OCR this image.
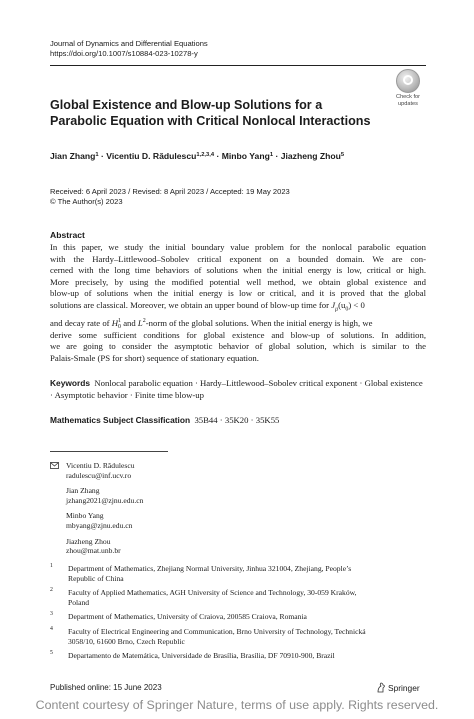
Journal of Dynamics and Differential Equations
https://doi.org/10.1007/s10884-023-10278-y
Check for
updates
Global Existence and Blow-up Solutions for a Parabolic Equation with Critical Nonlocal Interactions
Jian Zhang$^1$ · Vicentiu D. Rădulescu$^{1,2,3,4}$ · Minbo Yang$^1$ · Jiazheng Zhou$^5$
Received: 6 April 2023 / Revised: 8 April 2023 / Accepted: 19 May 2023
© The Author(s) 2023
Abstract
In this paper, we study the initial boundary value problem for the nonlocal parabolic equation
with the Hardy–Littlewood–Sobolev critical exponent on a bounded domain. We are con-
cerned with the long time behaviors of solutions when the initial energy is low, critical or high.
More precisely, by using the modified potential well method, we obtain global existence and
blow-up of solutions when the initial energy is low or critical, and it is proved that the global
solutions are classical. Moreover, we obtain an upper bound of blow-up time for $J_\mu(u_0) < 0$
and decay rate of H 1
0 and $L^2$-norm of the global solutions. When the initial energy is high, we
derive some sufficient conditions for global existence and blow-up of solutions. In addition,
we are going to consider the asymptotic behavior of global solution, which is similar to the
Palais-Smale (PS for short) sequence of stationary equation.
Keywords Nonlocal parabolic equation · Hardy–Littlewood–Sobolev critical exponent · Global existence · Asymptotic behavior · Finite time blow-up
Mathematics Subject Classification 35B44 · 35K20 · 35K55
Vicentiu D. Rădulescu
radulescu@inf.ucv.ro
Jian Zhang
jzhang2021@zjnu.edu.cn
Minbo Yang
mbyang@zjnu.edu.cn
Jiazheng Zhou
zhou@mat.unb.br
1 Department of Mathematics, Zhejiang Normal University, Jinhua 321004, Zhejiang, People’s
Republic of China
2 Faculty of Applied Mathematics, AGH University of Science and Technology, 30-059 Kraków,
Poland
3 Department of Mathematics, University of Craiova, 200585 Craiova, Romania
4 Faculty of Electrical Engineering and Communication, Brno University of Technology, Technická
3058/10, 61600 Brno, Czech Republic
5 Departamento de Matemática, Universidade de Brasília, Brasília, DF 70910-900, Brazil
Published online: 15 June 2023	Springer
Content courtesy of Springer Nature, terms of use apply. Rights reserved.
